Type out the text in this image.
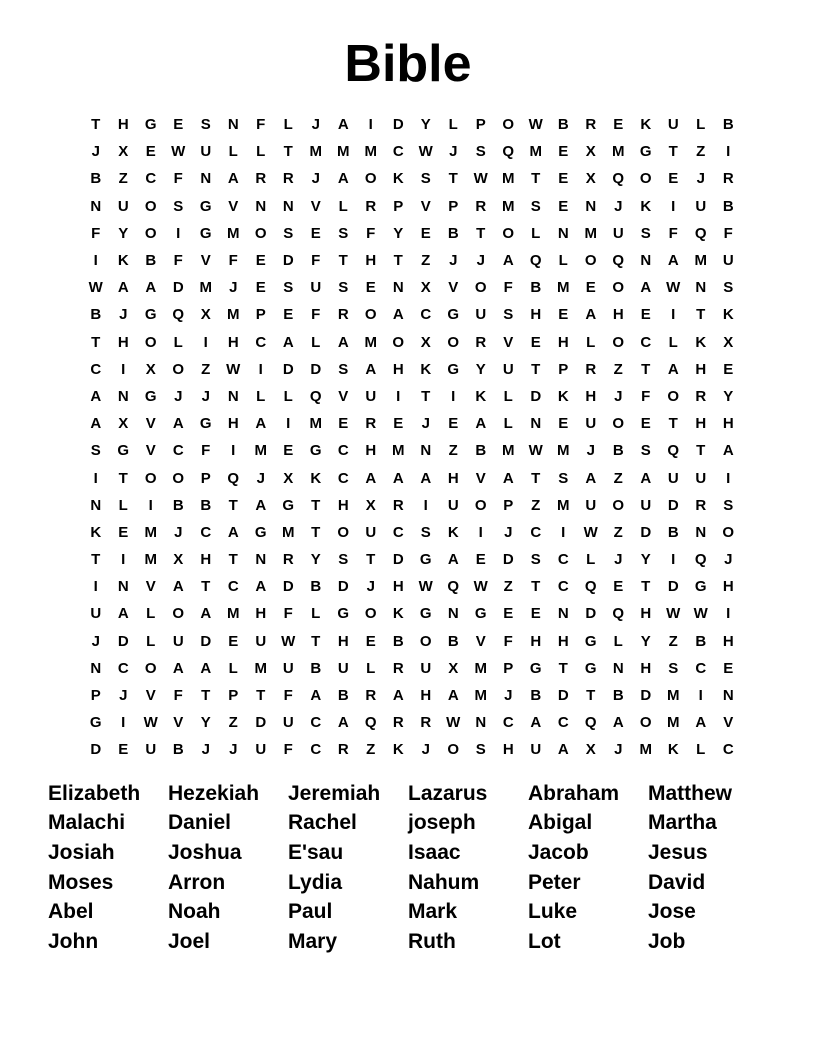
Bible
T	H	G	E	S	N	F	L	J	A	I	D	Y	L	P	O W	B	R	E	K	U	L	B
J	X	E	W	U	L	L	T	M	M	M	C W	J	S	Q	M	E	X	M	G	T	Z	I
B	Z	C	F	N	A	R	R	J	A	O	K	S	T	W M	T	E	X	Q	O	E	J	R
N	U	O	S	G	V	N	N	V	L	R	P	V	P	R	M	S	E	N	J	K	I	U	B
F	Y	O	I	G	M	O	S	E	S	F	Y	E	B	T	O	L	N	M	U	S	F	Q	F
I	K	B	F	V	F	E	D	F	T	H	T	Z	J	J	A	Q	L	O	Q	N	A	M	U
W	A	A	D	M	J	E	S	U	S	E	N	X	V	O	F	B	M	E	O	A W	N	S
B	J	G	Q	X	M	P	E	F	R	O	A	C	G	U	S	H	E	A	H	E	I	T	K
T	H	O	L	I	H	C	A	L	A	M	O	X	O	R	V	E	H	L	O	C	L	K	X
C	I	X	O	Z	W	I	D	D	S	A	H	K	G	Y	U	T	P	R	Z	T	A	H	E
A	N	G	J	J	N	L	L	Q	V	U	I	T	I	K	L	D	K	H	J	F	O	R	Y
A	X	V	A	G	H	A	I	M	E	R	E	J	E	A	L	N	E	U	O	E	T	H	H
S	G	V	C	F	I	M	E	G	C	H	M	N	Z	B	M W M	J	B	S	Q	T	A
I	T	O	O	P	Q	J	X	K	C	A	A	A	H	V	A	T	S	A	Z	A	U	U	I
N	L	I	B	B	T	A	G	T	H	X	R	I	U	O	P	Z	M	U	O	U	D	R	S
K	E	M	J	C	A	G	M	T	O	U	C	S	K	I	J	C	I	W	Z	D	B	N	O
T	I	M	X	H	T	N	R	Y	S	T	D	G	A	E	D	S	C	L	J	Y	I	Q	J
I	N	V	A	T	C	A	D	B	D	J	H W Q W	Z	T	C	Q	E	T	D	G	H
U	A	L	O	A	M	H	F	L	G	O	K	G	N	G	E	E	N	D	Q	H W W	I
J	D	L	U	D	E	U W	T	H	E	B	O	B	V	F	H	H	G	L	Y	Z	B	H
N	C	O	A	A	L	M	U	B	U	L	R	U	X	M	P	G	T	G	N	H	S	C	E
P	J	V	F	T	P	T	F	A	B	R	A	H	A	M	J	B	D	T	B	D	M	I	N
G	I	W	V	Y	Z	D	U	C	A	Q	R	R W	N	C	A	C	Q	A	O	M	A	V
D	E	U	B	J	J	U	F	C	R	Z	K	J	O	S	H	U	A	X	J	M	K	L	C
Elizabeth	Hezekiah	Jeremiah	Lazarus	Abraham	Matthew
Malachi	Daniel	Rachel	joseph	Abigal	Martha
Josiah	Joshua	E'sau	Isaac	Jacob	Jesus
Moses	Arron	Lydia	Nahum	Peter	David
Abel	Noah	Paul	Mark	Luke	Jose
John	Joel	Mary	Ruth	Lot	Job
